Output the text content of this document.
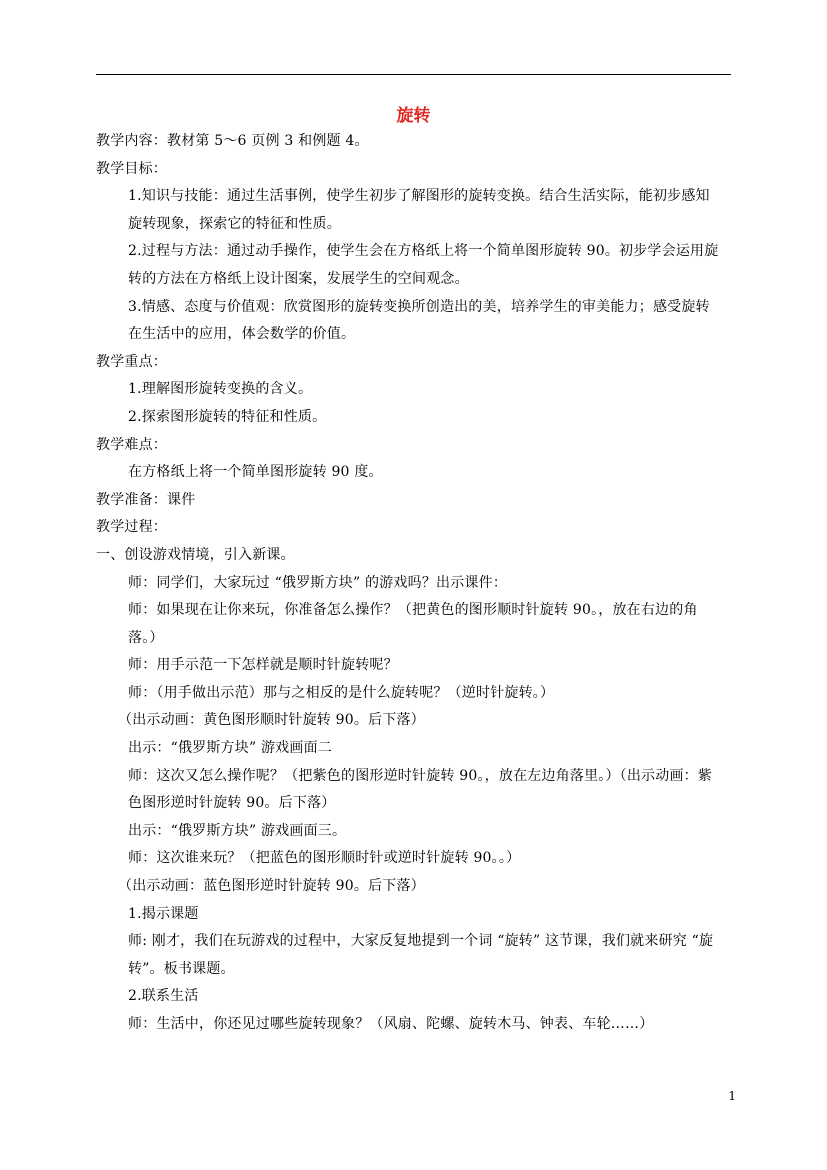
旋转

教学内容：教材第 5～6 页例 3 和例题 4。

教学目标：

1.知识与技能：通过生活事例，使学生初步了解图形的旋转变换。结合生活实际，能初步感知

旋转现象，探索它的特征和性质。

2.过程与方法：通过动手操作，使学生会在方格纸上将一个简单图形旋转 90。初步学会运用旋

转的方法在方格纸上设计图案，发展学生的空间观念。

3.情感、态度与价值观：欣赏图形的旋转变换所创造出的美，培养学生的审美能力；感受旋转

在生活中的应用，体会数学的价值。

教学重点：

1.理解图形旋转变换的含义。

2.探索图形旋转的特征和性质。

教学难点：

在方格纸上将一个简单图形旋转 90 度。

教学准备：课件

教学过程：

一、创设游戏情境，引入新课。

师：同学们，大家玩过 “俄罗斯方块” 的游戏吗？出示课件：

师：如果现在让你来玩，你准备怎么操作？（把黄色的图形顺时针旋转 90。，放在右边的角

落。）

师：用手示范一下怎样就是顺时针旋转呢？

师：（用手做出示范）那与之相反的是什么旋转呢？（逆时针旋转。）

（出示动画：黄色图形顺时针旋转 90。后下落）

出示：“俄罗斯方块” 游戏画面二

师：这次又怎么操作呢？（把紫色的图形逆时针旋转 90。，放在左边角落里。）（出示动画：紫

色图形逆时针旋转 90。后下落）

出示：“俄罗斯方块” 游戏画面三。

师：这次谁来玩？（把蓝色的图形顺时针或逆时针旋转 90。。）

（出示动画：蓝色图形逆时针旋转 90。后下落）

1.揭示课题

师: 刚才，我们在玩游戏的过程中，大家反复地提到一个词 “旋转” 这节课，我们就来研究 “旋

转”。板书课题。

2.联系生活

师：生活中，你还见过哪些旋转现象？（风扇、陀螺、旋转木马、钟表、车轮……）

1
